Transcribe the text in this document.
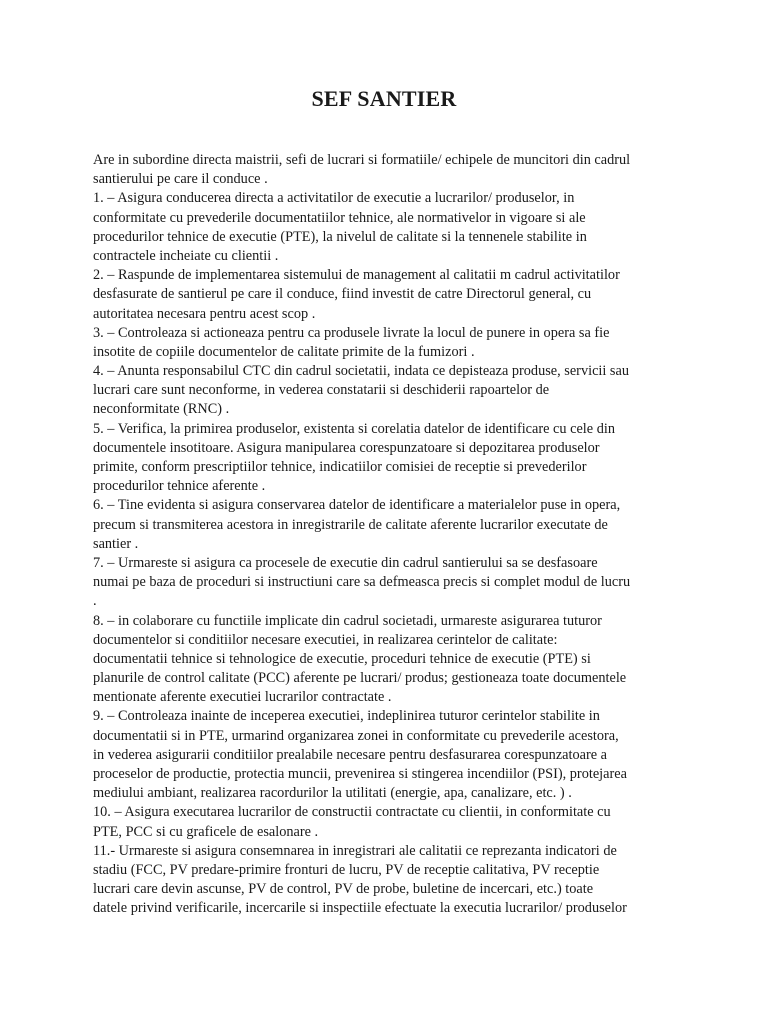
SEF SANTIER
Are in subordine directa maistrii, sefi de lucrari si formatiile/ echipele de muncitori din cadrul
santierului pe care il conduce .
1. – Asigura conducerea directa a activitatilor de executie a lucrarilor/ produselor, in
conformitate cu prevederile documentatiilor tehnice, ale normativelor in vigoare si ale
procedurilor tehnice de executie (PTE), la nivelul de calitate si la tennenele stabilite in
contractele incheiate cu clientii .
2. – Raspunde de implementarea sistemului de management al calitatii m cadrul activitatilor
desfasurate de santierul pe care il conduce, fiind investit de catre Directorul general, cu
autoritatea necesara pentru acest scop .
3. – Controleaza si actioneaza pentru ca produsele livrate la locul de punere in opera sa fie
insotite de copiile documentelor de calitate primite de la fumizori .
4. – Anunta responsabilul CTC din cadrul societatii, indata ce depisteaza produse, servicii sau
lucrari care sunt neconforme, in vederea constatarii si deschiderii rapoartelor de
neconformitate (RNC) .
5. – Verifica, la primirea produselor, existenta si corelatia datelor de identificare cu cele din
documentele insotitoare. Asigura manipularea corespunzatoare si depozitarea produselor
primite, conform prescriptiilor tehnice, indicatiilor comisiei de receptie si prevederilor
procedurilor tehnice aferente .
6. – Tine evidenta si asigura conservarea datelor de identificare a materialelor puse in opera,
precum si transmiterea acestora in inregistrarile de calitate aferente lucrarilor executate de
santier .
7. – Urmareste si asigura ca procesele de executie din cadrul santierului sa se desfasoare
numai pe baza de proceduri si instructiuni care sa defmeasca precis si complet modul de lucru
.
8. – in colaborare cu functiile implicate din cadrul societadi, urmareste asigurarea tuturor
documentelor si conditiilor necesare executiei, in realizarea cerintelor de calitate:
documentatii tehnice si tehnologice de executie, proceduri tehnice de executie (PTE) si
planurile de control calitate (PCC) aferente pe lucrari/ produs; gestioneaza toate documentele
mentionate aferente executiei lucrarilor contractate .
9. – Controleaza inainte de inceperea executiei, indeplinirea tuturor cerintelor stabilite in
documentatii si in PTE, urmarind organizarea zonei in conformitate cu prevederile acestora,
in vederea asigurarii conditiilor prealabile necesare pentru desfasurarea corespunzatoare a
proceselor de productie, protectia muncii, prevenirea si stingerea incendiilor (PSI), protejarea
mediului ambiant, realizarea racordurilor la utilitati (energie, apa, canalizare, etc. ) .
10. – Asigura executarea lucrarilor de constructii contractate cu clientii, in conformitate cu
PTE, PCC si cu graficele de esalonare .
11.- Urmareste si asigura consemnarea in inregistrari ale calitatii ce reprezanta indicatori de
stadiu (FCC, PV predare-primire fronturi de lucru, PV de receptie calitativa, PV receptie
lucrari care devin ascunse, PV de control, PV de probe, buletine de incercari, etc.) toate
datele privind verificarile, incercarile si inspectiile efectuate la executia lucrarilor/ produselor
